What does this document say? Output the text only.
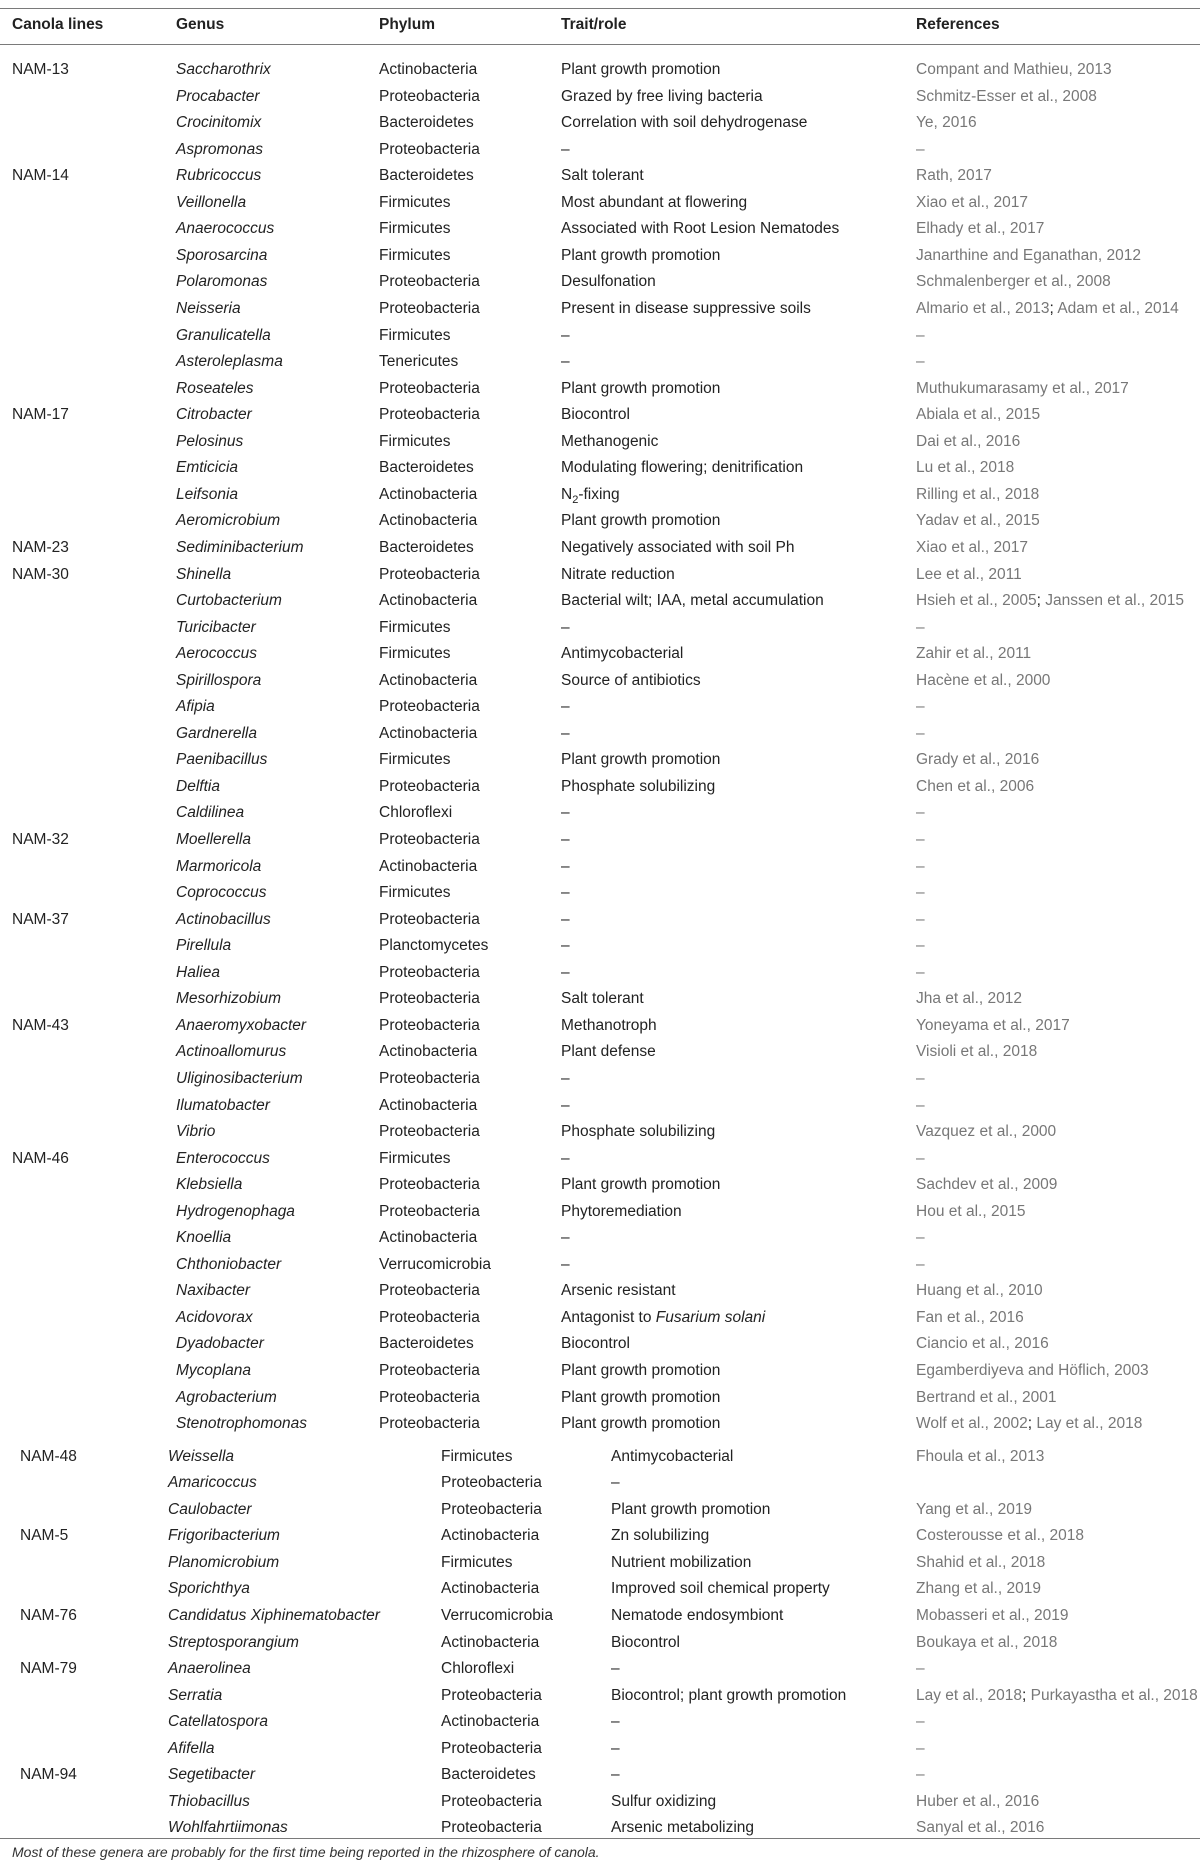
Canola lines	Genus	Phylum	Trait/role	References
NAM-13	Saccharothrix	Actinobacteria	Plant growth promotion	Compant and Mathieu, 2013
Procabacter	Proteobacteria	Grazed by free living bacteria	Schmitz-Esser et al., 2008
Crocinitomix	Bacteroidetes	Correlation with soil dehydrogenase	Ye, 2016
Aspromonas	Proteobacteria	–	–
NAM-14	Rubricoccus	Bacteroidetes	Salt tolerant	Rath, 2017
Veillonella	Firmicutes	Most abundant at flowering	Xiao et al., 2017
Anaerococcus	Firmicutes	Associated with Root Lesion Nematodes	Elhady et al., 2017
Sporosarcina	Firmicutes	Plant growth promotion	Janarthine and Eganathan, 2012
Polaromonas	Proteobacteria	Desulfonation	Schmalenberger et al., 2008
Neisseria	Proteobacteria	Present in disease suppressive soils	Almario et al., 2013; Adam et al., 2014
Granulicatella	Firmicutes	–	–
Asteroleplasma	Tenericutes	–	–
Roseateles	Proteobacteria	Plant growth promotion	Muthukumarasamy et al., 2017
NAM-17	Citrobacter	Proteobacteria	Biocontrol	Abiala et al., 2015
Pelosinus	Firmicutes	Methanogenic	Dai et al., 2016
Emticicia	Bacteroidetes	Modulating flowering; denitrification	Lu et al., 2018
Leifsonia	Actinobacteria	$N_2$-fixing	Rilling et al., 2018
Aeromicrobium	Actinobacteria	Plant growth promotion	Yadav et al., 2015
NAM-23	Sediminibacterium	Bacteroidetes	Negatively associated with soil Ph	Xiao et al., 2017
NAM-30	Shinella	Proteobacteria	Nitrate reduction	Lee et al., 2011
Curtobacterium	Actinobacteria	Bacterial wilt; IAA, metal accumulation	Hsieh et al., 2005; Janssen et al., 2015
Turicibacter	Firmicutes	–	–
Aerococcus	Firmicutes	Antimycobacterial	Zahir et al., 2011
Spirillospora	Actinobacteria	Source of antibiotics	Hacène et al., 2000
Afipia	Proteobacteria	–	–
Gardnerella	Actinobacteria	–	–
Paenibacillus	Firmicutes	Plant growth promotion	Grady et al., 2016
Delftia	Proteobacteria	Phosphate solubilizing	Chen et al., 2006
Caldilinea	Chloroflexi	–	–
NAM-32	Moellerella	Proteobacteria	–	–
Marmoricola	Actinobacteria	–	–
Coprococcus	Firmicutes	–	–
NAM-37	Actinobacillus	Proteobacteria	–	–
Pirellula	Planctomycetes	–	–
Haliea	Proteobacteria	–	–
Mesorhizobium	Proteobacteria	Salt tolerant	Jha et al., 2012
NAM-43	Anaeromyxobacter	Proteobacteria	Methanotroph	Yoneyama et al., 2017
Actinoallomurus	Actinobacteria	Plant defense	Visioli et al., 2018
Uliginosibacterium	Proteobacteria	–	–
Ilumatobacter	Actinobacteria	–	–
Vibrio	Proteobacteria	Phosphate solubilizing	Vazquez et al., 2000
NAM-46	Enterococcus	Firmicutes	–	–
Klebsiella	Proteobacteria	Plant growth promotion	Sachdev et al., 2009
Hydrogenophaga	Proteobacteria	Phytoremediation	Hou et al., 2015
Knoellia	Actinobacteria	–	–
Chthoniobacter	Verrucomicrobia	–	–
Naxibacter	Proteobacteria	Arsenic resistant	Huang et al., 2010
Acidovorax	Proteobacteria	Antagonist to Fusarium solani	Fan et al., 2016
Dyadobacter	Bacteroidetes	Biocontrol	Ciancio et al., 2016
Mycoplana	Proteobacteria	Plant growth promotion	Egamberdiyeva and Höflich, 2003
Agrobacterium	Proteobacteria	Plant growth promotion	Bertrand et al., 2001
Stenotrophomonas	Proteobacteria	Plant growth promotion	Wolf et al., 2002; Lay et al., 2018
NAM-48	Weissella	Firmicutes	Antimycobacterial	Fhoula et al., 2013
Amaricoccus	Proteobacteria	–
Caulobacter	Proteobacteria	Plant growth promotion	Yang et al., 2019
NAM-5	Frigoribacterium	Actinobacteria	Zn solubilizing	Costerousse et al., 2018
Planomicrobium	Firmicutes	Nutrient mobilization	Shahid et al., 2018
Sporichthya	Actinobacteria	Improved soil chemical property	Zhang et al., 2019
NAM-76	Candidatus Xiphinematobacter	Verrucomicrobia	Nematode endosymbiont	Mobasseri et al., 2019
Streptosporangium	Actinobacteria	Biocontrol	Boukaya et al., 2018
NAM-79	Anaerolinea	Chloroflexi	–	–
Serratia	Proteobacteria	Biocontrol; plant growth promotion	Lay et al., 2018; Purkayastha et al., 2018
Catellatospora	Actinobacteria	–	–
Afifella	Proteobacteria	–	–
NAM-94	Segetibacter	Bacteroidetes	–	–
Thiobacillus	Proteobacteria	Sulfur oxidizing	Huber et al., 2016
Wohlfahrtiimonas	Proteobacteria	Arsenic metabolizing	Sanyal et al., 2016
Most of these genera are probably for the first time being reported in the rhizosphere of canola.
